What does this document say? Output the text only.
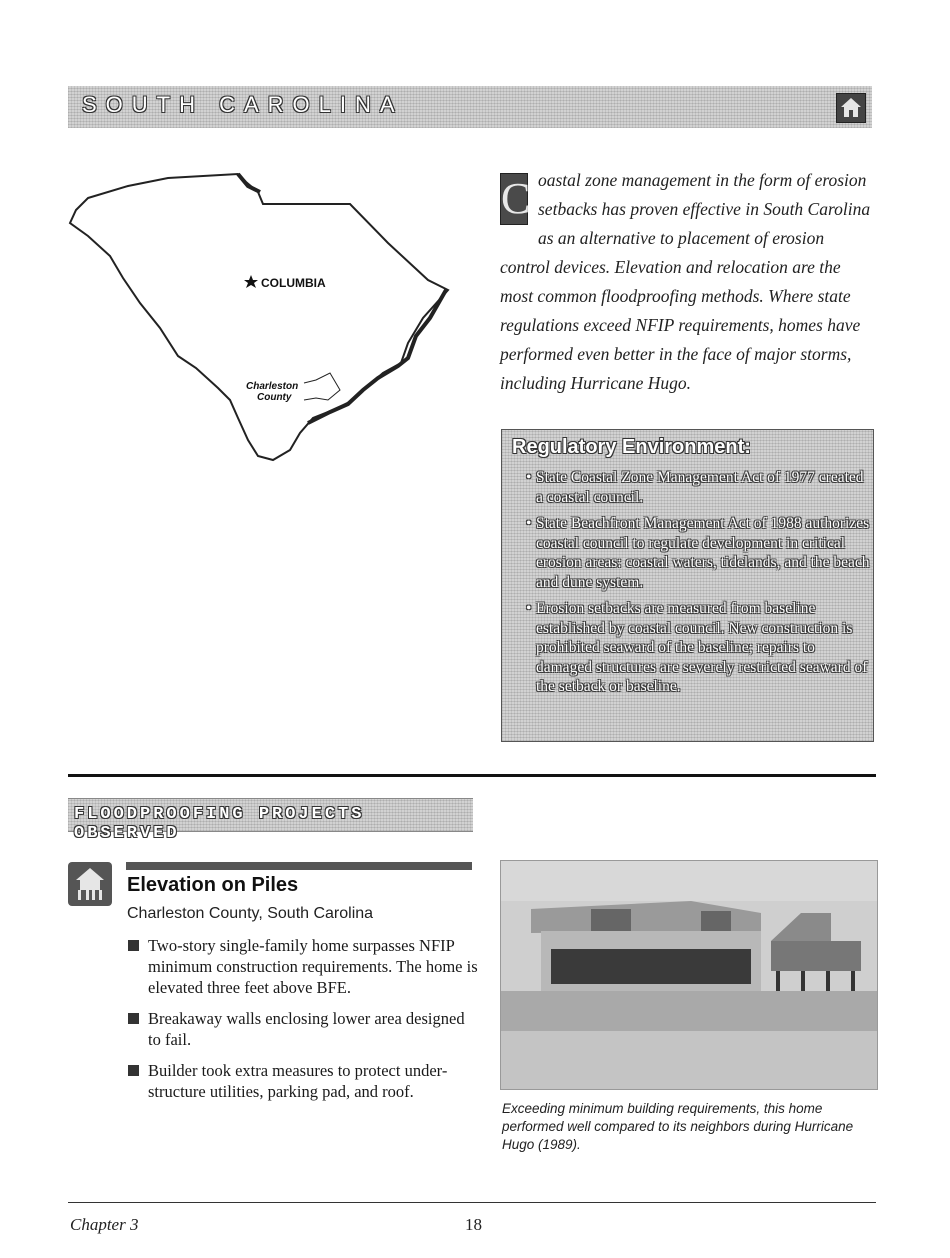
SOUTH CAROLINA
COLUMBIA
Charleston
County
C oastal zone management in the form of erosion setbacks has proven effective in South Carolina as an alternative to placement of erosion control devices. Elevation and relocation are the most common floodproofing methods. Where state regulations exceed NFIP requirements, homes have performed even better in the face of major storms, including Hurricane Hugo.
Regulatory Environment:
• State Coastal Zone Management Act of 1977 created a coastal council.
• State Beachfront Management Act of 1988 authorizes coastal council to regulate development in critical erosion areas: coastal waters, tidelands, and the beach and dune system.
• Erosion setbacks are measured from baseline established by coastal council. New construction is prohibited seaward of the baseline; repairs to damaged structures are severely restricted seaward of the setback or baseline.
FLOODPROOFING PROJECTS OBSERVED
Elevation on Piles
Charleston County, South Carolina
Two-story single-family home surpasses NFIP minimum construction requirements. The home is elevated three feet above BFE.
Breakaway walls enclosing lower area designed to fail.
Builder took extra measures to protect under-structure utilities, parking pad, and roof.
Exceeding minimum building requirements, this home performed well compared to its neighbors during Hurricane Hugo (1989).
Chapter 3	18
